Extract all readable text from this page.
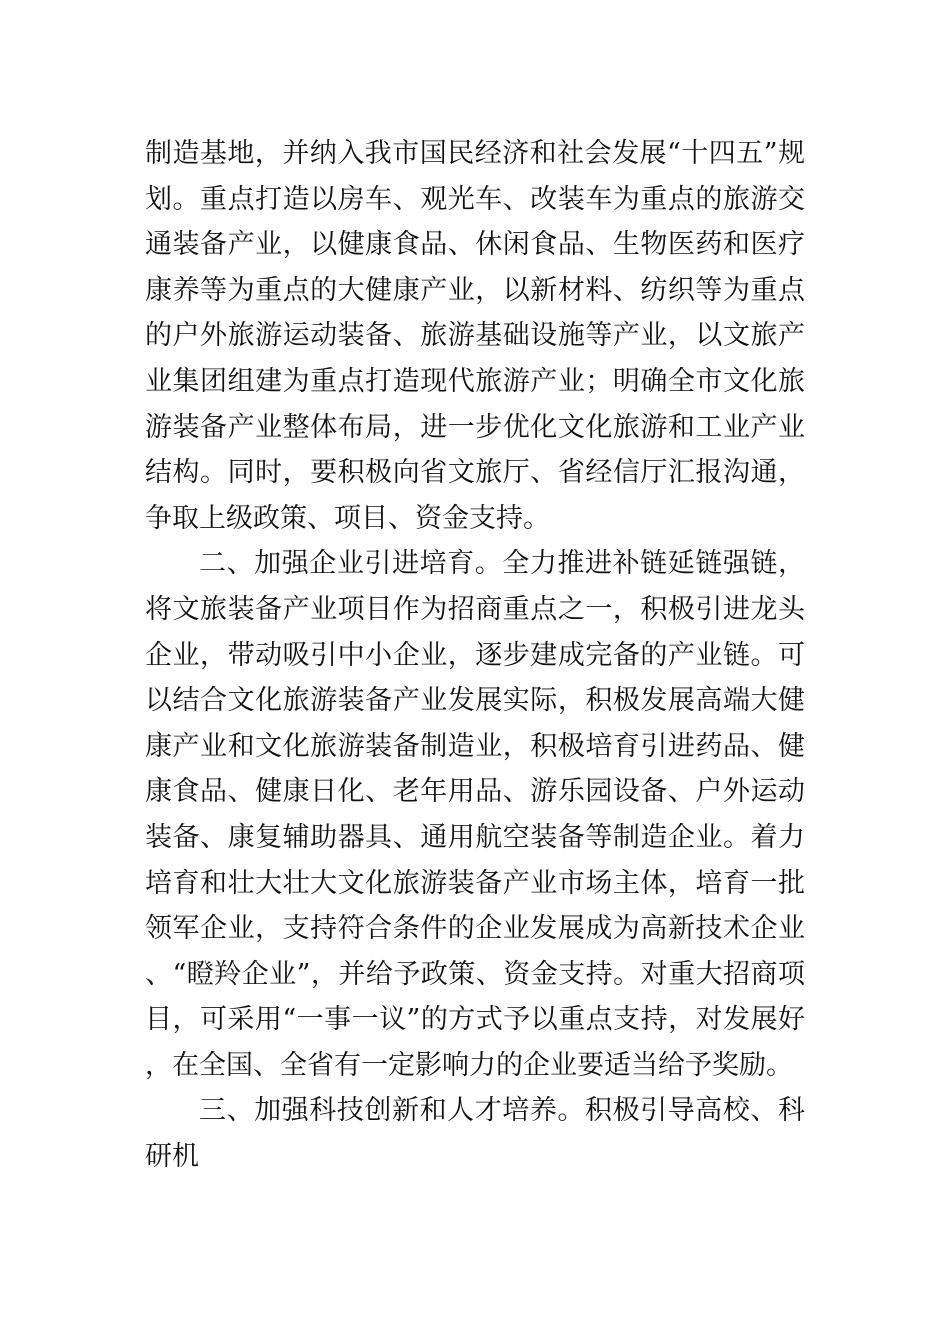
制造基地，并纳入我市国民经济和社会发展“十四五”规划。重点打造以房车、观光车、改装车为重点的旅游交通装备产业，以健康食品、休闲食品、生物医药和医疗康养等为重点的大健康产业，以新材料、纺织等为重点的户外旅游运动装备、旅游基础设施等产业，以文旅产业集团组建为重点打造现代旅游产业；明确全市文化旅游装备产业整体布局，进一步优化文化旅游和工业产业结构。同时，要积极向省文旅厅、省经信厅汇报沟通，争取上级政策、项目、资金支持。

二、加强企业引进培育。全力推进补链延链强链，将文旅装备产业项目作为招商重点之一，积极引进龙头企业，带动吸引中小企业，逐步建成完备的产业链。可以结合文化旅游装备产业发展实际，积极发展高端大健康产业和文化旅游装备制造业，积极培育引进药品、健康食品、健康日化、老年用品、游乐园设备、户外运动装备、康复辅助器具、通用航空装备等制造企业。着力培育和壮大壮大文化旅游装备产业市场主体，培育一批领军企业，支持符合条件的企业发展成为高新技术企业、“瞪羚企业”，并给予政策、资金支持。对重大招商项目，可采用“一事一议”的方式予以重点支持，对发展好，在全国、全省有一定影响力的企业要适当给予奖励。

三、加强科技创新和人才培养。积极引导高校、科研机
